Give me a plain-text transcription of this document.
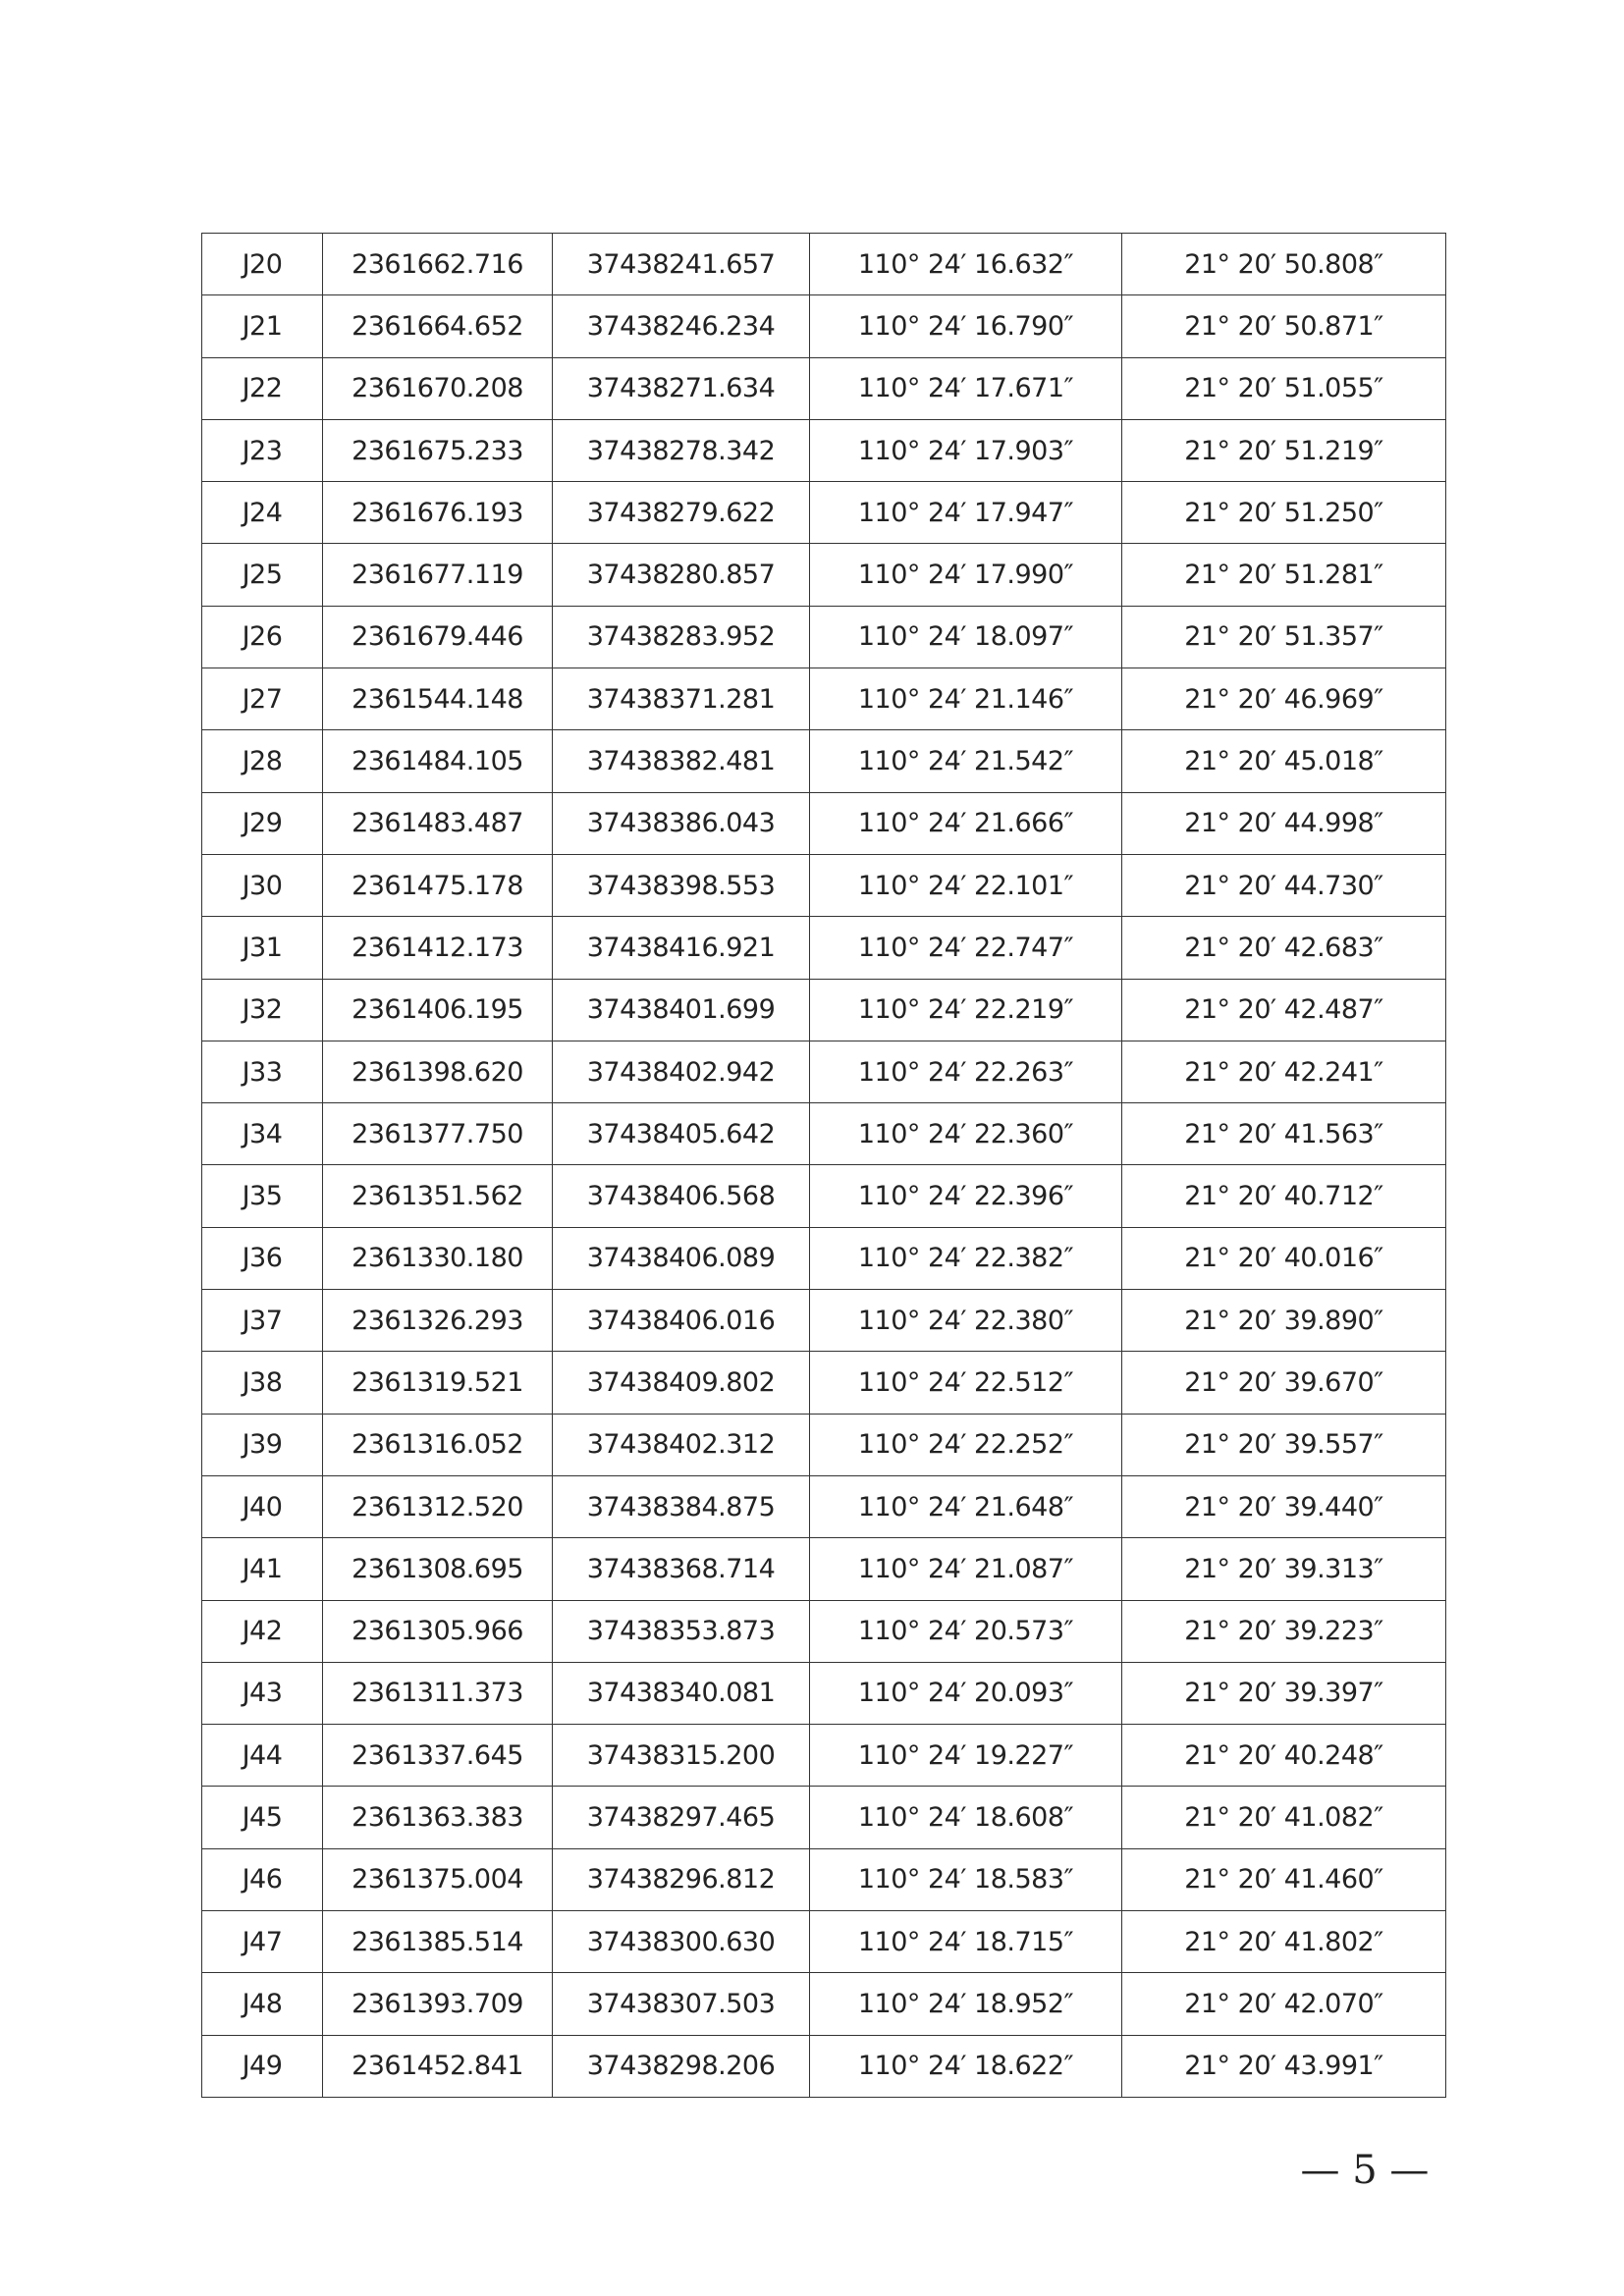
J20	2361662.716	37438241.657	110° 24′ 16.632″	21° 20′ 50.808″
J21	2361664.652	37438246.234	110° 24′ 16.790″	21° 20′ 50.871″
J22	2361670.208	37438271.634	110° 24′ 17.671″	21° 20′ 51.055″
J23	2361675.233	37438278.342	110° 24′ 17.903″	21° 20′ 51.219″
J24	2361676.193	37438279.622	110° 24′ 17.947″	21° 20′ 51.250″
J25	2361677.119	37438280.857	110° 24′ 17.990″	21° 20′ 51.281″
J26	2361679.446	37438283.952	110° 24′ 18.097″	21° 20′ 51.357″
J27	2361544.148	37438371.281	110° 24′ 21.146″	21° 20′ 46.969″
J28	2361484.105	37438382.481	110° 24′ 21.542″	21° 20′ 45.018″
J29	2361483.487	37438386.043	110° 24′ 21.666″	21° 20′ 44.998″
J30	2361475.178	37438398.553	110° 24′ 22.101″	21° 20′ 44.730″
J31	2361412.173	37438416.921	110° 24′ 22.747″	21° 20′ 42.683″
J32	2361406.195	37438401.699	110° 24′ 22.219″	21° 20′ 42.487″
J33	2361398.620	37438402.942	110° 24′ 22.263″	21° 20′ 42.241″
J34	2361377.750	37438405.642	110° 24′ 22.360″	21° 20′ 41.563″
J35	2361351.562	37438406.568	110° 24′ 22.396″	21° 20′ 40.712″
J36	2361330.180	37438406.089	110° 24′ 22.382″	21° 20′ 40.016″
J37	2361326.293	37438406.016	110° 24′ 22.380″	21° 20′ 39.890″
J38	2361319.521	37438409.802	110° 24′ 22.512″	21° 20′ 39.670″
J39	2361316.052	37438402.312	110° 24′ 22.252″	21° 20′ 39.557″
J40	2361312.520	37438384.875	110° 24′ 21.648″	21° 20′ 39.440″
J41	2361308.695	37438368.714	110° 24′ 21.087″	21° 20′ 39.313″
J42	2361305.966	37438353.873	110° 24′ 20.573″	21° 20′ 39.223″
J43	2361311.373	37438340.081	110° 24′ 20.093″	21° 20′ 39.397″
J44	2361337.645	37438315.200	110° 24′ 19.227″	21° 20′ 40.248″
J45	2361363.383	37438297.465	110° 24′ 18.608″	21° 20′ 41.082″
J46	2361375.004	37438296.812	110° 24′ 18.583″	21° 20′ 41.460″
J47	2361385.514	37438300.630	110° 24′ 18.715″	21° 20′ 41.802″
J48	2361393.709	37438307.503	110° 24′ 18.952″	21° 20′ 42.070″
J49	2361452.841	37438298.206	110° 24′ 18.622″	21° 20′ 43.991″
— 5 —
